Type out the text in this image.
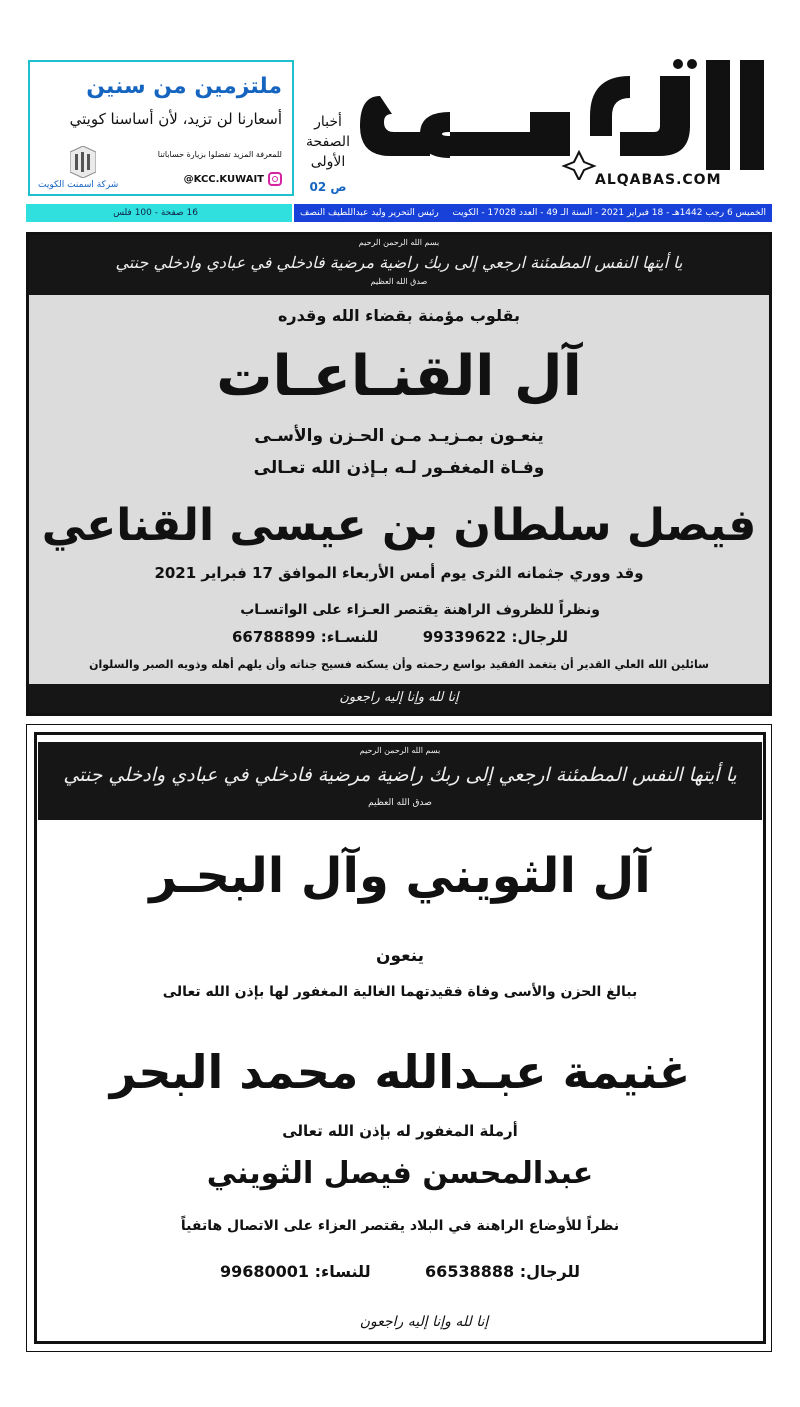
ملتزمين من سنين
أسعارنا لن تزيد، لأن أساسنا كويتي
للمعرفة المزيد تفضلوا بزيارة حساباتنا
@KCC.KUWAIT
شركة اسمنت الكويت
أخبار
الصفحة
الأولى
ص 02	ALQABAS.COM
16 صفحة - 100 فلس	الخميس 6 رجب 1442هـ - 18 فبراير 2021 - السنة الـ 49 - العدد 17028 - الكويت
رئيس التحرير وليد عبداللطيف النصف
بسم الله الرحمن الرحيم
يا أيتها النفس المطمئنة ارجعي إلى ربك راضية مرضية فادخلي في عبادي وادخلي جنتي
صدق الله العظيم
بقلوب مؤمنة بقضاء الله وقدره
آل القنـاعـات
ينعـون بمـزيـد مـن الحـزن والأسـى
وفـاة المغفـور لـه بـإذن الله تعـالى
فيصل سلطان بن عيسى القناعي
وقد ووري جثمانه الثرى يوم أمس الأربعاء الموافق 17 فبراير 2021
ونظراً للظروف الراهنة يقتصر العـزاء على الواتسـاب
للرجال: 99339622
للنسـاء: 66788899
سائلين الله العلي القدير أن يتغمد الفقيد بواسع رحمته وأن يسكنه فسيح جناته وأن يلهم أهله وذويه الصبر والسلوان
إنا لله وإنا إليه راجعون
بسم الله الرحمن الرحيم
يا أيتها النفس المطمئنة ارجعي إلى ربك راضية مرضية فادخلي في عبادي وادخلي جنتي
صدق الله العظيم
آل الثويني وآل البحـر
ينعون
ببالغ الحزن والأسى وفاة فقيدتهما الغالية المغفور لها بإذن الله تعالى
غنيمة عبـدالله محمد البحر
أرملة المغفور له بإذن الله تعالى
عبدالمحسن فيصل الثويني
نظراً للأوضاع الراهنة في البلاد يقتصر العزاء على الاتصال هاتفياً
للرجال: 66538888
للنساء: 99680001
إنا لله وإنا إليه راجعون
